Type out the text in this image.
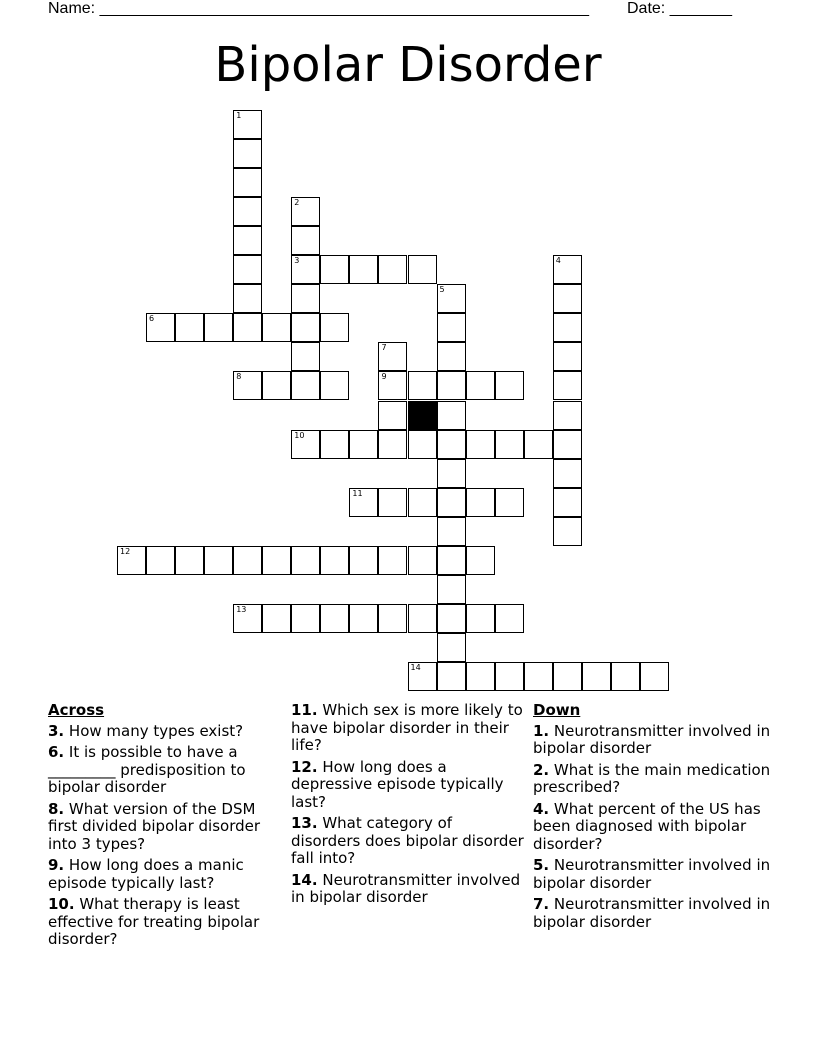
Name: _______________________________________________________ Date: _______
Bipolar Disorder
1
2
3	4
5
6
7
9
8
10
11
12
13
14
Across
3. How many types exist?
6. It is possible to have a _________ predisposition to bipolar disorder
8. What version of the DSM first divided bipolar disorder into 3 types?
9. How long does a manic episode typically last?
10. What therapy is least effective for treating bipolar disorder?
11. Which sex is more likely to have bipolar disorder in their life?
12. How long does a depressive episode typically last?
13. What category of disorders does bipolar disorder fall into?
14. Neurotransmitter involved in bipolar disorder
Down
1. Neurotransmitter involved in bipolar disorder
2. What is the main medication prescribed?
4. What percent of the US has been diagnosed with bipolar disorder?
5. Neurotransmitter involved in bipolar disorder
7. Neurotransmitter involved in bipolar disorder
